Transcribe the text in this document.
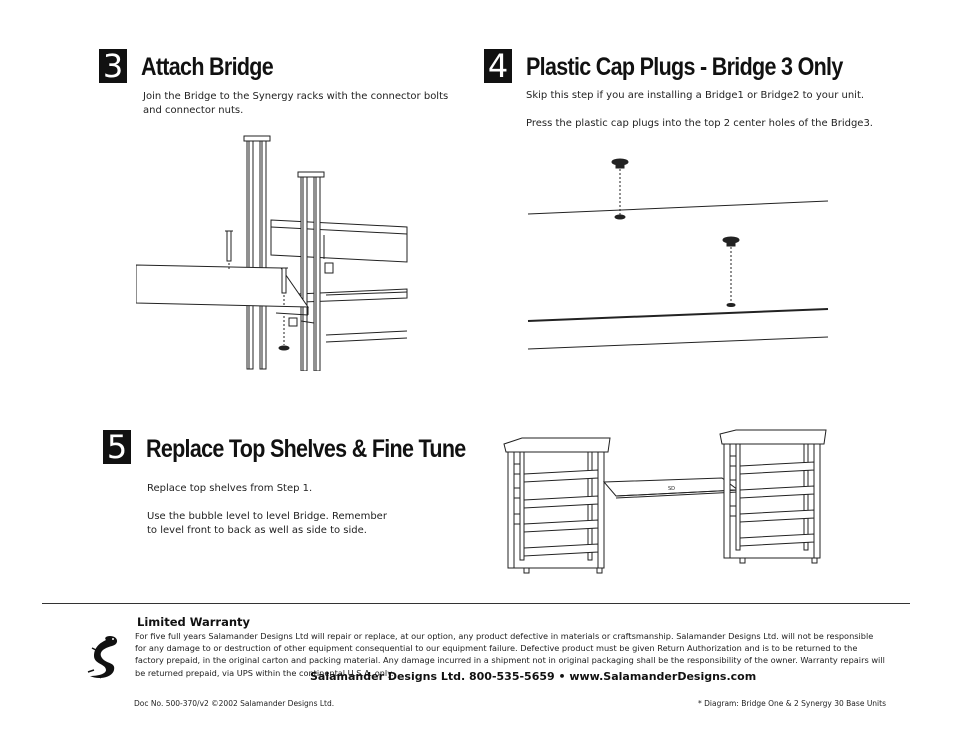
3 Attach Bridge

Join the Bridge to the Synergy racks with the connector bolts

and connector nuts.

4 Plastic Cap Plugs - Bridge 3 Only

Skip this step if you are installing a Bridge1 or Bridge2 to your unit.

Press the plastic cap plugs into the top 2 center holes of the Bridge3.

5 Replace Top Shelves & Fine Tune

Replace top shelves from Step 1.

Use the bubble level to level Bridge. Remember

to level front to back as well as side to side.

SD
Limited Warranty
For five full years Salamander Designs Ltd will repair or replace, at our option, any product defective in materials or craftsmanship. Salamander Designs Ltd. will not be responsible for any damage to or destruction of other equipment consequential to our equipment failure. Defective product must be given Return Authorization and is to be returned to the factory prepaid, in the original carton and packing material. Any damage incurred in a shipment not in original packaging shall be the responsibility of the owner. Warranty repairs will be returned prepaid, via UPS within the continental U.S.A. only.
Salamander Designs Ltd. 800-535-5659 • www.SalamanderDesigns.com
Doc No. 500-370/v2 ©2002 Salamander Designs Ltd.	* Diagram: Bridge One & 2 Synergy 30 Base Units
